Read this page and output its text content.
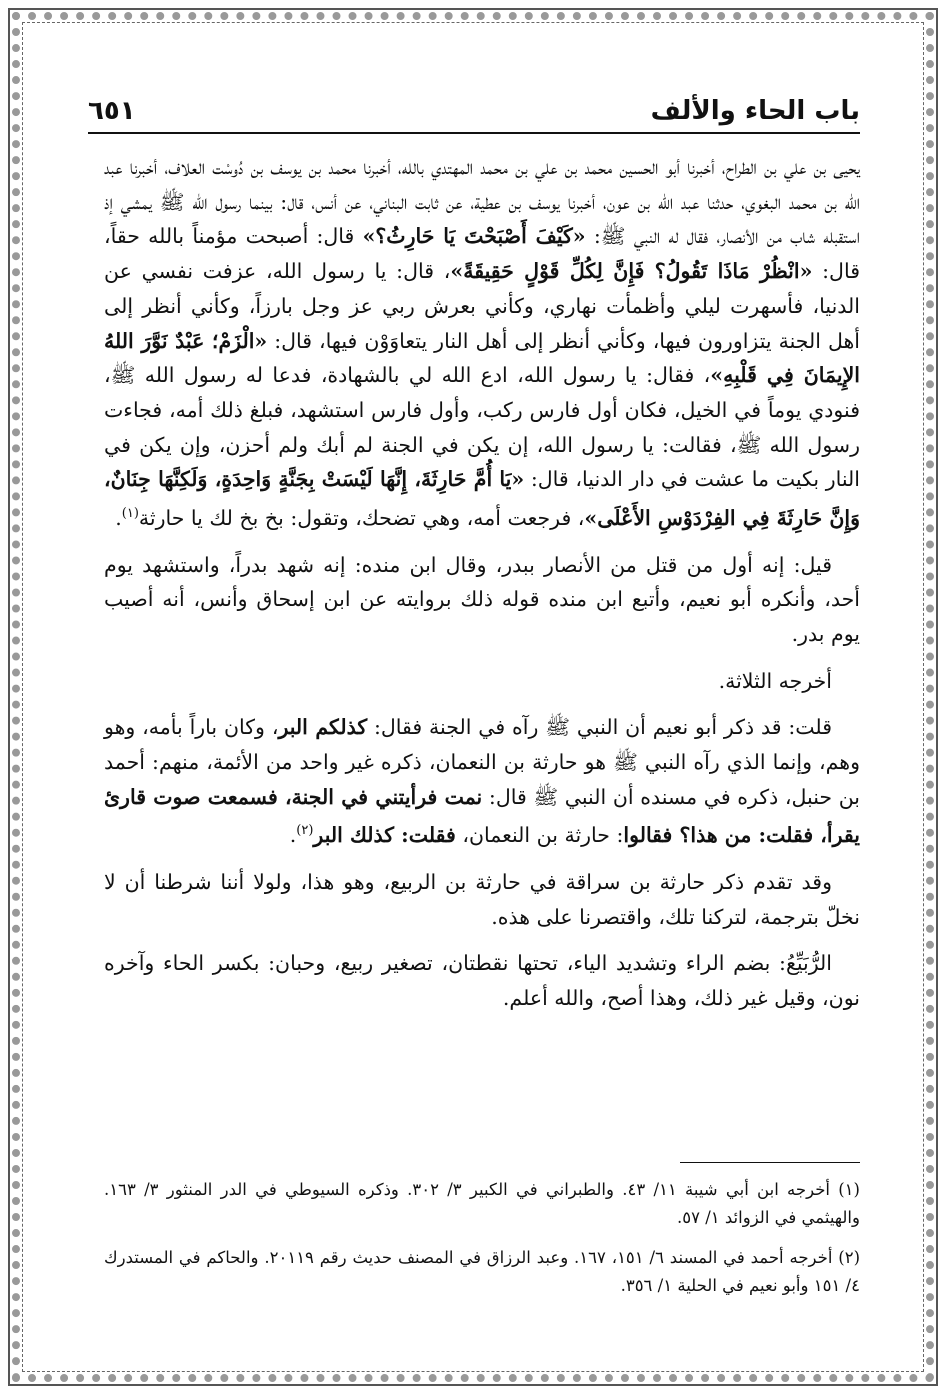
باب الحاء والألف
٦٥١

يحيى بن علي بن الطراح، أخبرنا أبو الحسين محمد بن علي بن محمد المهتدي بالله، أخبرنا محمد بن يوسف بن دُوسْت العلاف، أخبرنا عبد الله بن محمد البغوي، حدثنا عبد الله بن عون، أخبرنا يوسف بن عطية، عن ثابت البناني، عن أنس، قال: بينما رسول الله ﷺ يمشي إذ استقبله شاب من الأنصار، فقال له النبي ﷺ: «كَيْفَ أَصْبَحْتَ يَا حَارِثُ؟» قال: أصبحت مؤمناً بالله حقاً، قال: «انْظُرْ مَاذَا تَقُولُ؟ فَإِنَّ لِكُلِّ قَوْلٍ حَقِيقَةً»، قال: يا رسول الله، عزفت نفسي عن الدنيا، فأسهرت ليلي وأظمأت نهاري، وكأني بعرش ربي عز وجل بارزاً، وكأني أنظر إلى أهل الجنة يتزاورون فيها، وكأني أنظر إلى أهل النار يتعاوَوْن فيها، قال: «الْزَمْ؛ عَبْدٌ نَوَّرَ اللهُ الإِيمَانَ فِي قَلْبِهِ»، فقال: يا رسول الله، ادع الله لي بالشهادة، فدعا له رسول الله ﷺ، فنودي يوماً في الخيل، فكان أول فارس ركب، وأول فارس استشهد، فبلغ ذلك أمه، فجاءت رسول الله ﷺ، فقالت: يا رسول الله، إن يكن في الجنة لم أبك ولم أحزن، وإن يكن في النار بكيت ما عشت في دار الدنيا، قال: «يَا أُمَّ حَارِثَةَ، إِنَّهَا لَيْسَتْ بِجَنَّةٍ وَاحِدَةٍ، وَلَكِنَّهَا جِنَانٌ، وَإِنَّ حَارِثَةَ فِي الفِرْدَوْسِ الأَعْلَى»، فرجعت أمه، وهي تضحك، وتقول: بخ بخ لك يا حارثة$^{(١)}$.

قيل: إنه أول من قتل من الأنصار ببدر، وقال ابن منده: إنه شهد بدراً، واستشهد يوم أحد، وأنكره أبو نعيم، وأتبع ابن منده قوله ذلك بروايته عن ابن إسحاق وأنس، أنه أصيب يوم بدر.

أخرجه الثلاثة.

قلت: قد ذكر أبو نعيم أن النبي ﷺ رآه في الجنة فقال: كذلكم البر، وكان باراً بأمه، وهو وهم، وإنما الذي رآه النبي ﷺ هو حارثة بن النعمان، ذكره غير واحد من الأئمة، منهم: أحمد بن حنبل، ذكره في مسنده أن النبي ﷺ قال: نمت فرأيتني في الجنة، فسمعت صوت قارئ يقرأ، فقلت: من هذا؟ فقالوا: حارثة بن النعمان، فقلت: كذلك البر$^{(٢)}$.

وقد تقدم ذكر حارثة بن سراقة في حارثة بن الربيع، وهو هذا، ولولا أننا شرطنا أن لا نخلّ بترجمة، لتركنا تلك، واقتصرنا على هذه.

الرُّبَيِّعُ: بضم الراء وتشديد الياء، تحتها نقطتان، تصغير ربيع، وحبان: بكسر الحاء وآخره نون، وقيل غير ذلك، وهذا أصح، والله أعلم.

(١) أخرجه ابن أبي شيبة ١١/ ٤٣. والطبراني في الكبير ٣/ ٣٠٢. وذكره السيوطي في الدر المنثور ٣/ ١٦٣. والهيثمي في الزوائد ١/ ٥٧.

(٢) أخرجه أحمد في المسند ٦/ ١٥١، ١٦٧. وعبد الرزاق في المصنف حديث رقم ٢٠١١٩. والحاكم في المستدرك ٤/ ١٥١ وأبو نعيم في الحلية ١/ ٣٥٦.
